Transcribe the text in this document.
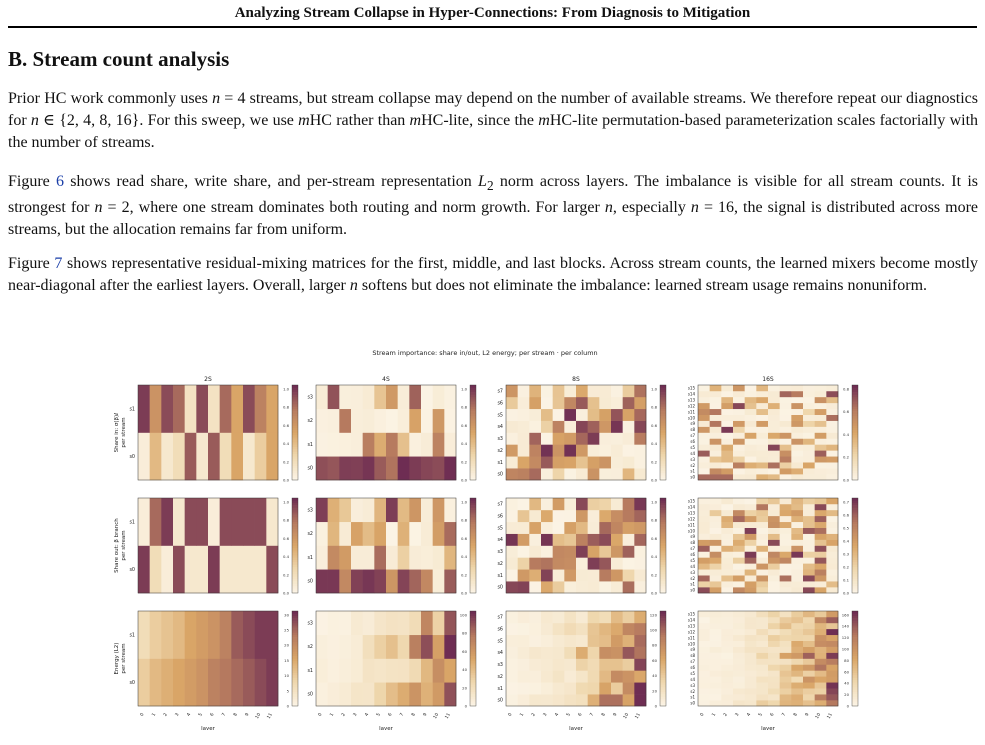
Analyzing Stream Collapse in Hyper-Connections: From Diagnosis to Mitigation
B. Stream count analysis
Prior HC work commonly uses n = 4 streams, but stream collapse may depend on the number of available streams. We therefore repeat our diagnostics for n ∈ {2, 4, 8, 16}. For this sweep, we use mHC rather than mHC-lite, since the mHC-lite permutation-based parameterization scales factorially with the number of streams.
Figure 6 shows read share, write share, and per-stream representation $L_2$ norm across layers. The imbalance is visible for all stream counts. It is strongest for n = 2, where one stream dominates both routing and norm growth. For larger n, especially n = 16, the signal is distributed across more streams, but the allocation remains far from uniform.
Figure 7 shows representative residual-mixing matrices for the first, middle, and last blocks. Across stream counts, the learned mixers become mostly near-diagonal after the earliest layers. Overall, larger n softens but does not eliminate the imbalance: learned stream usage remains nonuniform.
Stream importance: share in/out, L2 energy; per stream · per column
2S	4S	8S	16S
Share in: σ(β)ℓ per stream
Share out: β branch per stream
Energy (L2) per stream
s0
s1
0.0
0.2
0.4
0.6
0.8
1.0
s0
s1
s2
s3
0.0
0.2
0.4
0.6
0.8
1.0
s0
s1
s2
s3
s4
s5
s6
s7
0.0
0.2
0.4
0.6
0.8
1.0
s0
s1
s2
s3
s4
s5
s6
s7
s8
s9
s10
s11
s12
s13
s14
s15
0.0
0.2
0.4
0.6
0.8
s0
s1
0.0
0.2
0.4
0.6
0.8
1.0
s0
s1
s2
s3
0.0
0.2
0.4
0.6
0.8
1.0
s0
s1
s2
s3
s4
s5
s6
s7
0.0
0.2
0.4
0.6
0.8
1.0
s0
s1
s2
s3
s4
s5
s6
s7
s8
s9
s10
s11
s12
s13
s14
s15
0.0
0.1
0.2
0.3
0.4
0.5
0.6
0.7
s0
s1
0 1 2 3 4 5 6 7 8 9 10 11
layer
0
5
10
15
20
25
30
s0
s1
s2
s3
0 1 2 3 4 5 6 7 8 9 10 11
layer
0
20
40
60
80
100
s0
s1
s2
s3
s4
s5
s6
s7
0 1 2 3 4 5 6 7 8 9 10 11
layer
0
20
40
60
80
100
120
s0
s1
s2
s3
s4
s5
s6
s7
s8
s9
s10
s11
s12
s13
s14
s15
0 1 2 3 4 5 6 7 8 9 10 11
layer
0
20
40
60
80
100
120
140
160
